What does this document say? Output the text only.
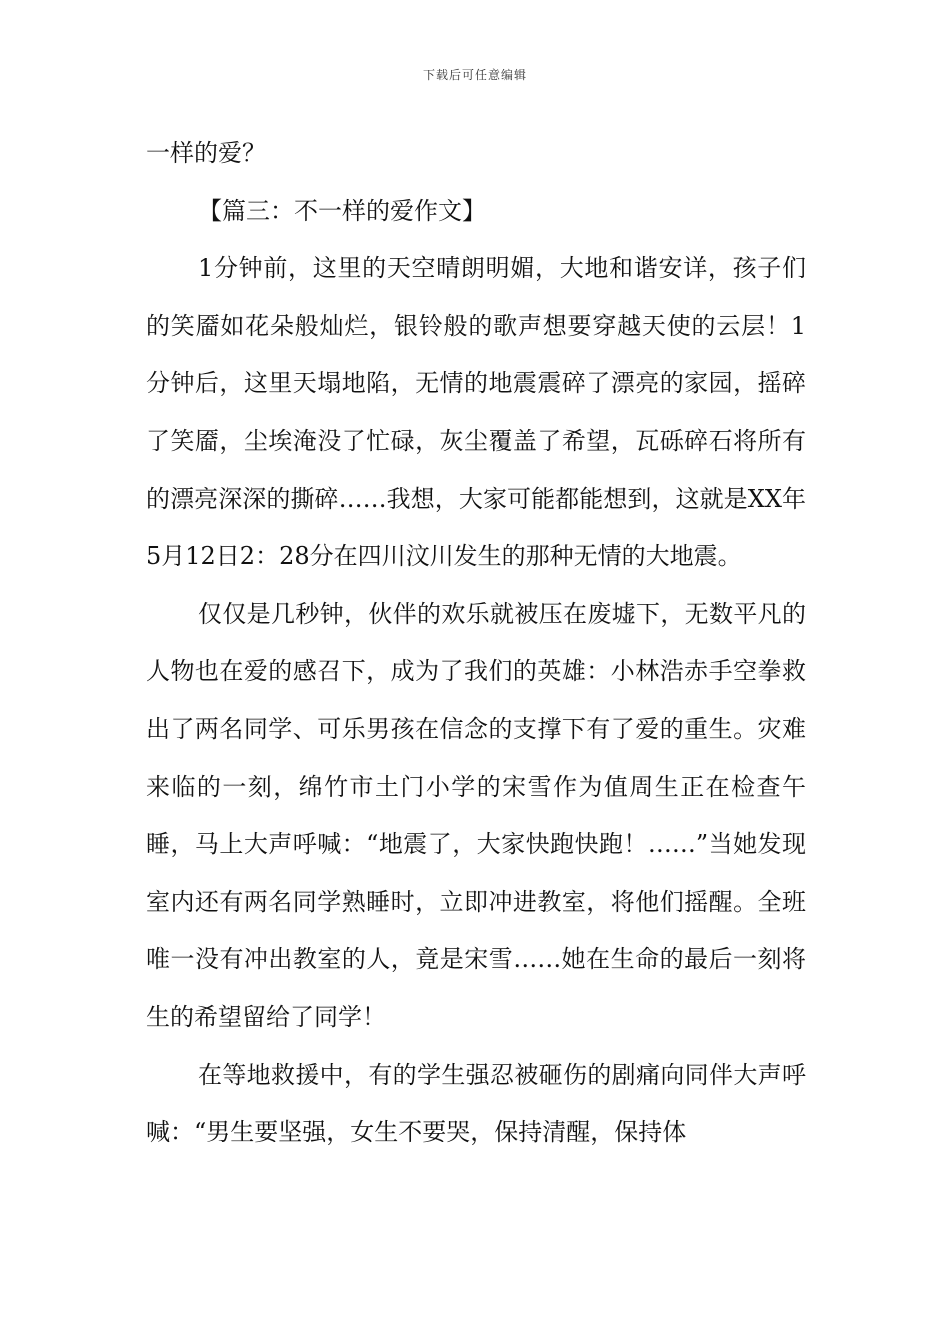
下载后可任意编辑

一样的爱？

【篇三：不一样的爱作文】

1分钟前，这里的天空晴朗明媚，大地和谐安详，孩子们的笑靥如花朵般灿烂，银铃般的歌声想要穿越天使的云层！1分钟后，这里天塌地陷，无情的地震震碎了漂亮的家园，摇碎了笑靥，尘埃淹没了忙碌，灰尘覆盖了希望，瓦砾碎石将所有的漂亮深深的撕碎……我想，大家可能都能想到，这就是XX年5月12日2：28分在四川汶川发生的那种无情的大地震。

仅仅是几秒钟，伙伴的欢乐就被压在废墟下，无数平凡的人物也在爱的感召下，成为了我们的英雄：小林浩赤手空拳救出了两名同学、可乐男孩在信念的支撑下有了爱的重生。灾难来临的一刻，绵竹市土门小学的宋雪作为值周生正在检查午睡，马上大声呼喊：“地震了，大家快跑快跑！……”当她发现室内还有两名同学熟睡时，立即冲进教室，将他们摇醒。全班唯一没有冲出教室的人，竟是宋雪……她在生命的最后一刻将生的希望留给了同学！

在等地救援中，有的学生强忍被砸伤的剧痛向同伴大声呼喊：“男生要坚强，女生不要哭，保持清醒，保持体
